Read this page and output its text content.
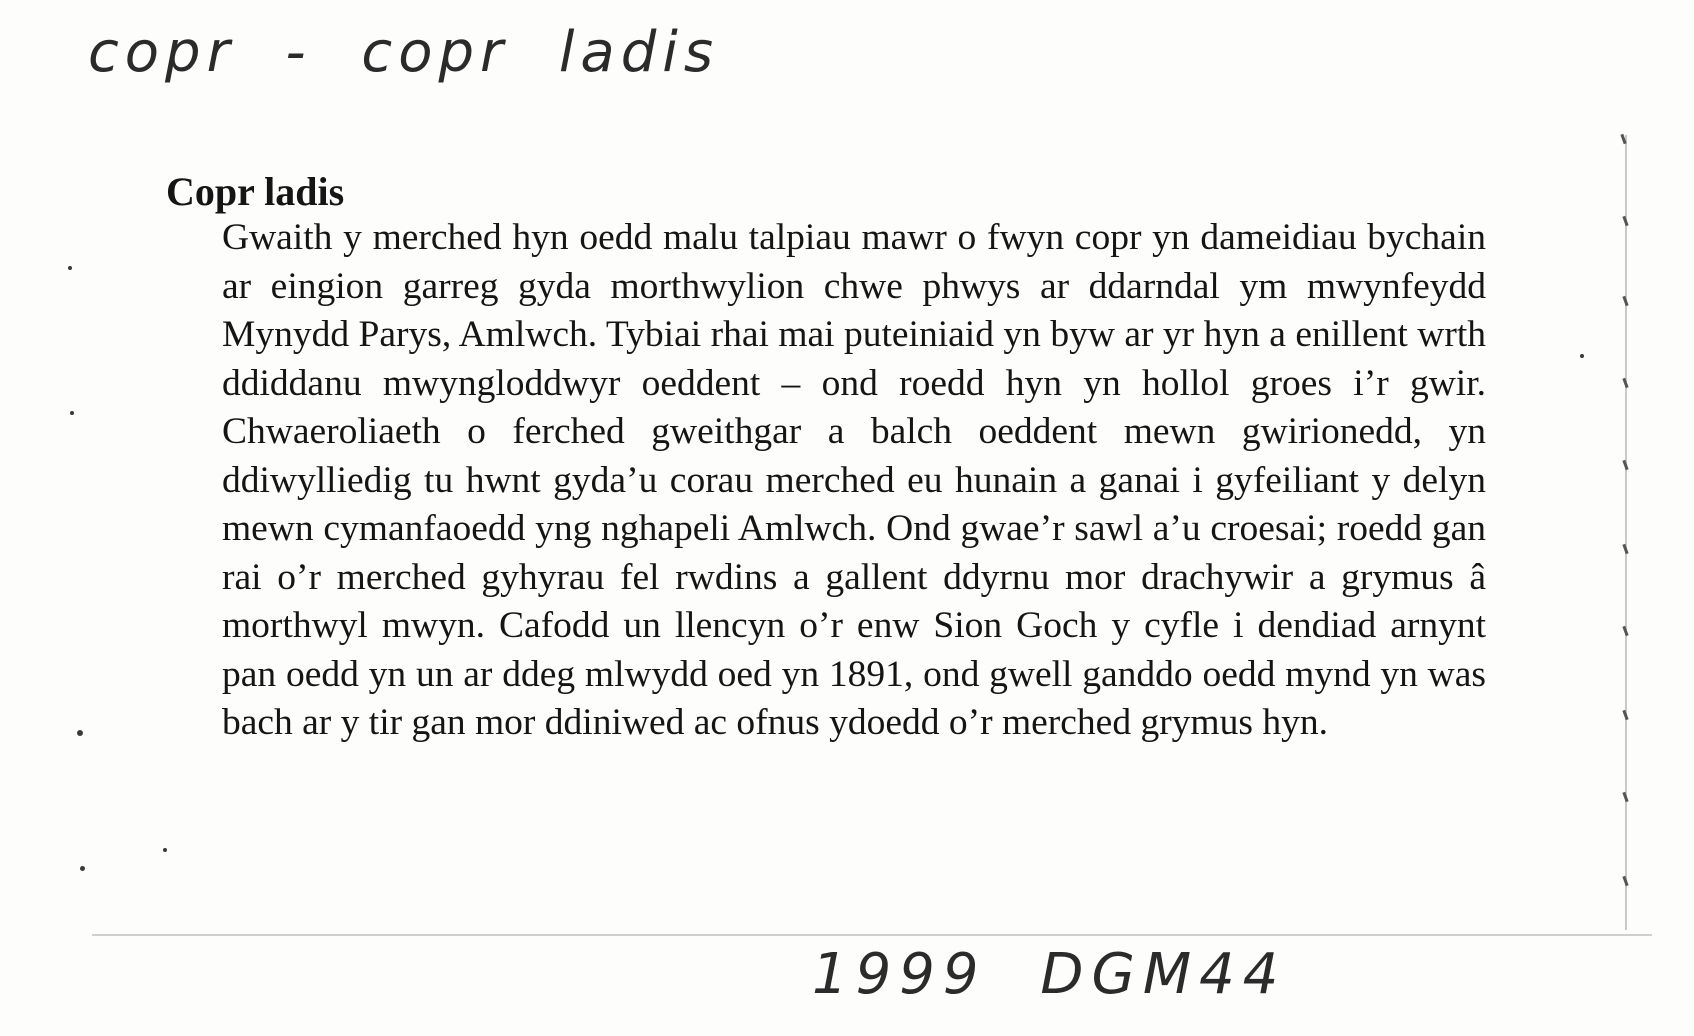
copr - copr ladis
Copr ladis
Gwaith y merched hyn oedd malu talpiau mawr o fwyn copr yn dameidiau bychain ar eingion garreg gyda morthwylion chwe phwys ar ddarndal ym mwynfeydd Mynydd Parys, Amlwch. Tybiai rhai mai puteiniaid yn byw ar yr hyn a enillent wrth ddiddanu mwyngloddwyr oeddent – ond roedd hyn yn hollol groes i’r gwir. Chwaeroliaeth o ferched gweithgar a balch oeddent mewn gwirionedd, yn ddiwylliedig tu hwnt gyda’u corau merched eu hunain a ganai i gyfeiliant y delyn mewn cymanfaoedd yng nghapeli Amlwch. Ond gwae’r sawl a’u croesai; roedd gan rai o’r merched gyhyrau fel rwdins a gallent ddyrnu mor drachywir a grymus â morthwyl mwyn. Cafodd un llencyn o’r enw Sion Goch y cyfle i dendiad arnynt pan oedd yn un ar ddeg mlwydd oed yn 1891, ond gwell ganddo oedd mynd yn was bach ar y tir gan mor ddiniwed ac ofnus ydoedd o’r merched grymus hyn.
1999 DGM44
